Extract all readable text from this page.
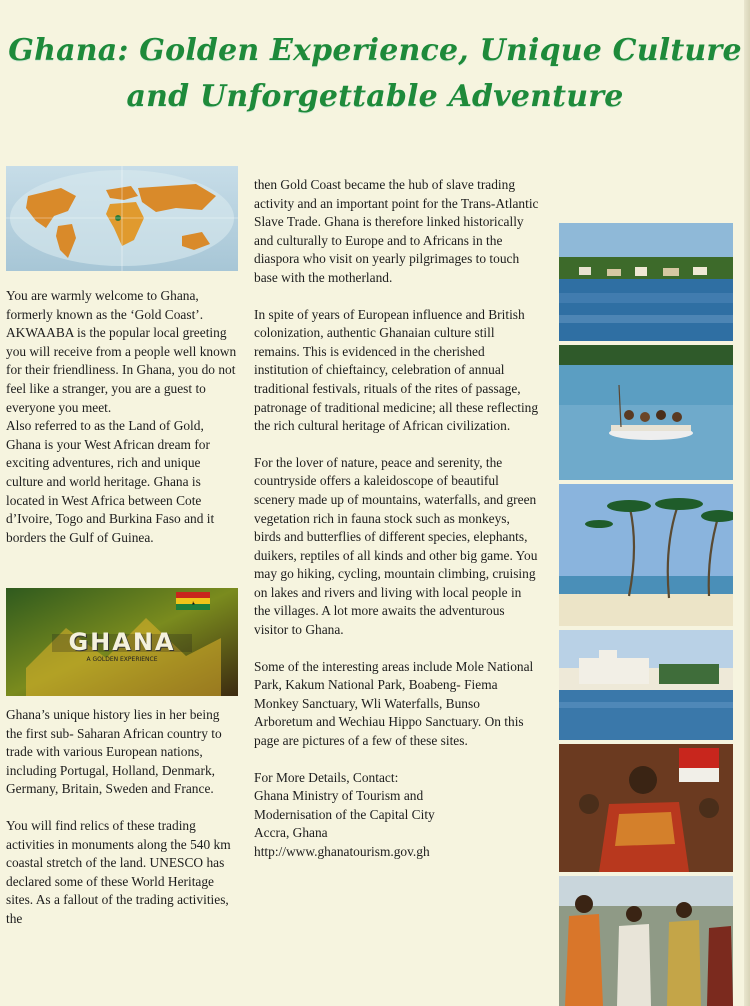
Ghana: Golden Experience, Unique Culture
and Unforgettable Adventure

You are warmly welcome to Ghana, formerly known as the ‘Gold Coast’. AKWAABA is the popular local greeting you will receive from a people well known for their friendliness. In Ghana, you do not feel like a stranger, you are a guest to everyone you meet.

Also referred to as the Land of Gold, Ghana is your West African dream for exciting adventures, rich and unique culture and world heritage. Ghana is located in West Africa between Cote d’Ivoire, Togo and Burkina Faso and it borders the Gulf of Guinea.

GHANA
A GOLDEN EXPERIENCE

Ghana’s unique history lies in her being the first sub- Saharan African country to trade with various European nations, including Portugal, Holland, Denmark, Germany, Britain, Sweden and France.

You will find relics of these trading activities in monuments along the 540 km coastal stretch of the land. UNESCO has declared some of these World Heritage sites. As a fallout of the trading activities, the

then Gold Coast became the hub of slave trading activity and an important point for the Trans-Atlantic Slave Trade. Ghana is therefore linked historically and culturally to Europe and to Africans in the diaspora who visit on yearly pilgrimages to touch base with the motherland.

In spite of years of European influence and British colonization, authentic Ghanaian culture still remains. This is evidenced in the cherished institution of chieftaincy, celebration of annual traditional festivals, rituals of the rites of passage, patronage of traditional medicine; all these reflecting the rich cultural heritage of African civilization.

For the lover of nature, peace and serenity, the countryside offers a kaleidoscope of beautiful scenery made up of mountains, waterfalls, and green vegetation rich in fauna stock such as monkeys, birds and butterflies of different species, elephants, duikers, reptiles of all kinds and other big game. You may go hiking, cycling, mountain climbing, cruising on lakes and rivers and living with local people in the villages. A lot more awaits the adventurous visitor to Ghana.

Some of the interesting areas include Mole National Park, Kakum National Park, Boabeng- Fiema Monkey Sanctuary, Wli Waterfalls, Bunso Arboretum and Wechiau Hippo Sanctuary. On this page are pictures of a few of these sites.

For More Details, Contact:
Ghana Ministry of Tourism and
Modernisation of the Capital City
Accra, Ghana
http://www.ghanatourism.gov.gh
